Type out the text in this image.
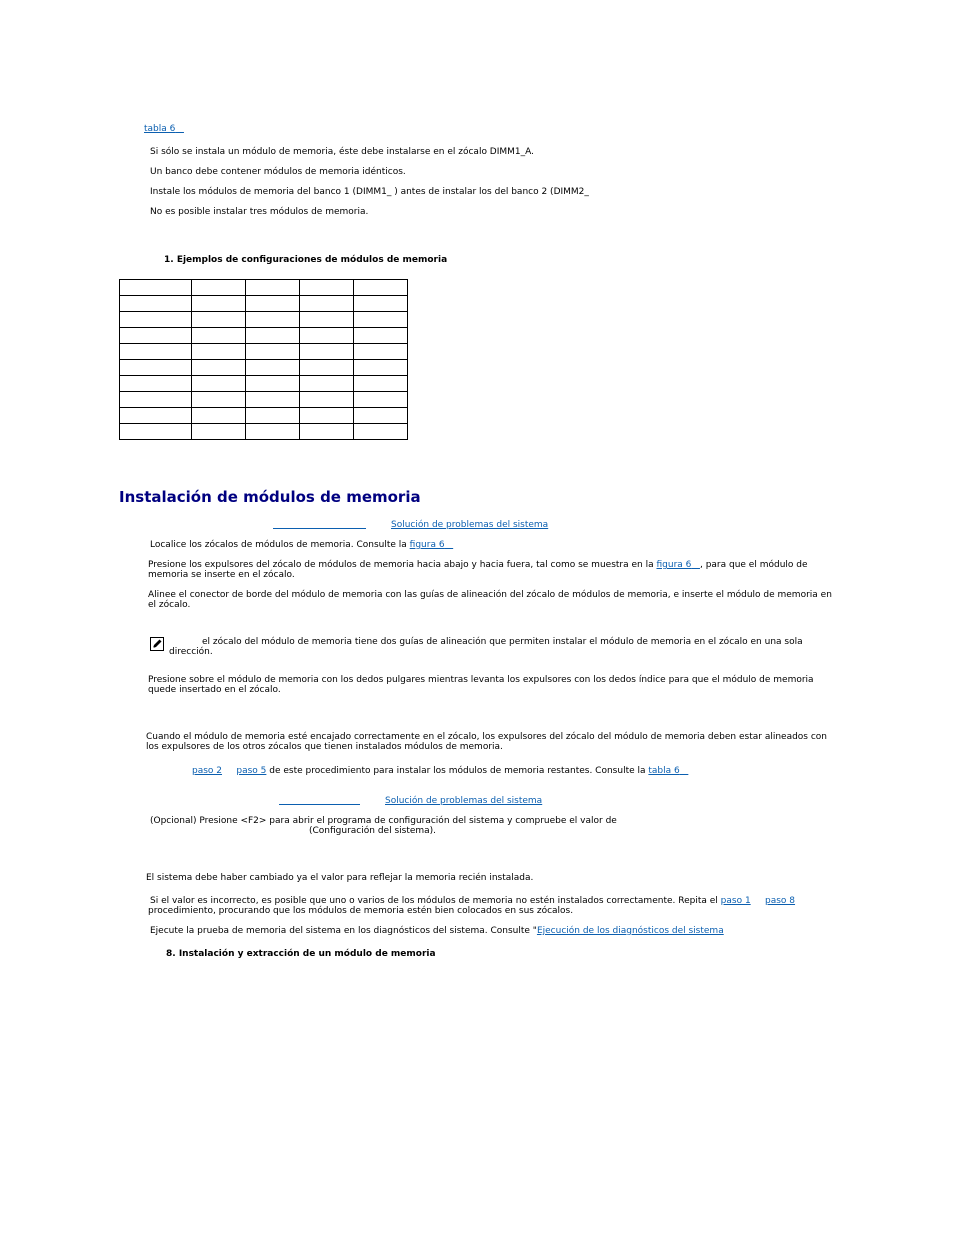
tabla 6
Si sólo se instala un módulo de memoria, éste debe instalarse en el zócalo DIMM1_A.
Un banco debe contener módulos de memoria idénticos.
Instale los módulos de memoria del banco 1 (DIMM1_ ) antes de instalar los del banco 2 (DIMM2_
No es posible instalar tres módulos de memoria.
1. Ejemplos de configuraciones de módulos de memoria

Instalación de módulos de memoria
Solución de problemas del sistema
Localice los zócalos de módulos de memoria. Consulte la figura 6
Presione los expulsores del zócalo de módulos de memoria hacia abajo y hacia fuera, tal como se muestra en la figura 6 , para que el módulo de memoria se inserte en el zócalo.
Alinee el conector de borde del módulo de memoria con las guías de alineación del zócalo de módulos de memoria, e inserte el módulo de memoria en el zócalo.
el zócalo del módulo de memoria tiene dos guías de alineación que permiten instalar el módulo de memoria en el zócalo en una sola
dirección.
Presione sobre el módulo de memoria con los dedos pulgares mientras levanta los expulsores con los dedos índice para que el módulo de memoria quede insertado en el zócalo.
Cuando el módulo de memoria esté encajado correctamente en el zócalo, los expulsores del zócalo del módulo de memoria deben estar alineados con los expulsores de los otros zócalos que tienen instalados módulos de memoria.
paso 2 paso 5 de este procedimiento para instalar los módulos de memoria restantes. Consulte la tabla 6
Solución de problemas del sistema
(Opcional) Presione <F2> para abrir el programa de configuración del sistema y compruebe el valor de
(Configuración del sistema).
El sistema debe haber cambiado ya el valor para reflejar la memoria recién instalada.
Si el valor es incorrecto, es posible que uno o varios de los módulos de memoria no estén instalados correctamente. Repita el paso 1 paso 8
procedimiento, procurando que los módulos de memoria estén bien colocados en sus zócalos.
Ejecute la prueba de memoria del sistema en los diagnósticos del sistema. Consulte "Ejecución de los diagnósticos del sistema
8. Instalación y extracción de un módulo de memoria
